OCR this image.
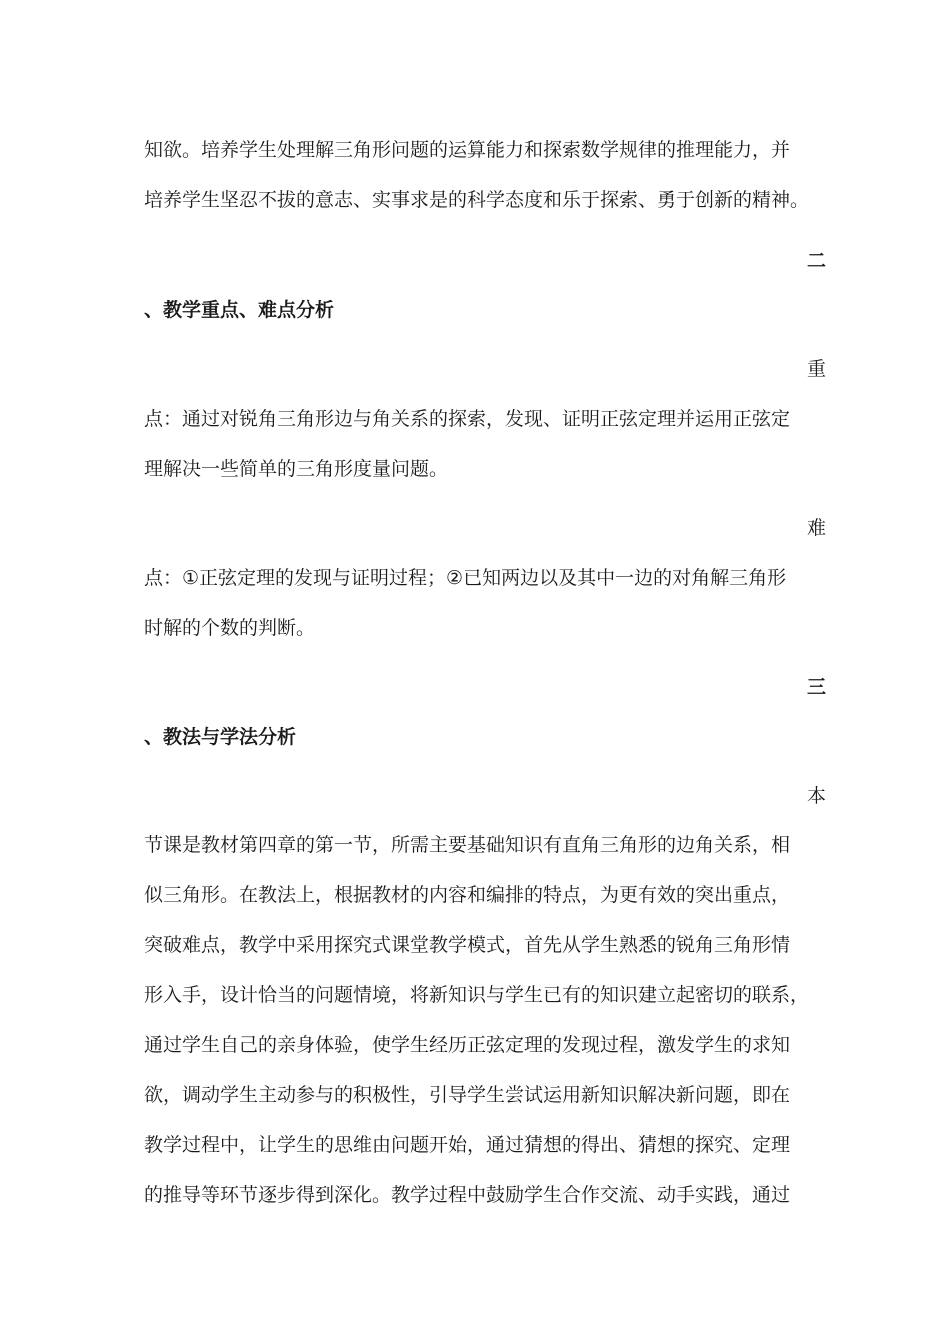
知欲。培养学生处理解三角形问题的运算能力和探索数学规律的推理能力，并
培养学生坚忍不拔的意志、实事求是的科学态度和乐于探索、勇于创新的精神。
二
、教学重点、难点分析
重
点：通过对锐角三角形边与角关系的探索，发现、证明正弦定理并运用正弦定
理解决一些简单的三角形度量问题。
难
点：①正弦定理的发现与证明过程；②已知两边以及其中一边的对角解三角形
时解的个数的判断。
三
、教法与学法分析
本
节课是教材第四章的第一节，所需主要基础知识有直角三角形的边角关系，相
似三角形。在教法上，根据教材的内容和编排的特点，为更有效的突出重点，
突破难点，教学中采用探究式课堂教学模式，首先从学生熟悉的锐角三角形情
形入手，设计恰当的问题情境，将新知识与学生已有的知识建立起密切的联系，
通过学生自己的亲身体验，使学生经历正弦定理的发现过程，激发学生的求知
欲，调动学生主动参与的积极性，引导学生尝试运用新知识解决新问题，即在
教学过程中，让学生的思维由问题开始，通过猜想的得出、猜想的探究、定理
的推导等环节逐步得到深化。教学过程中鼓励学生合作交流、动手实践，通过
